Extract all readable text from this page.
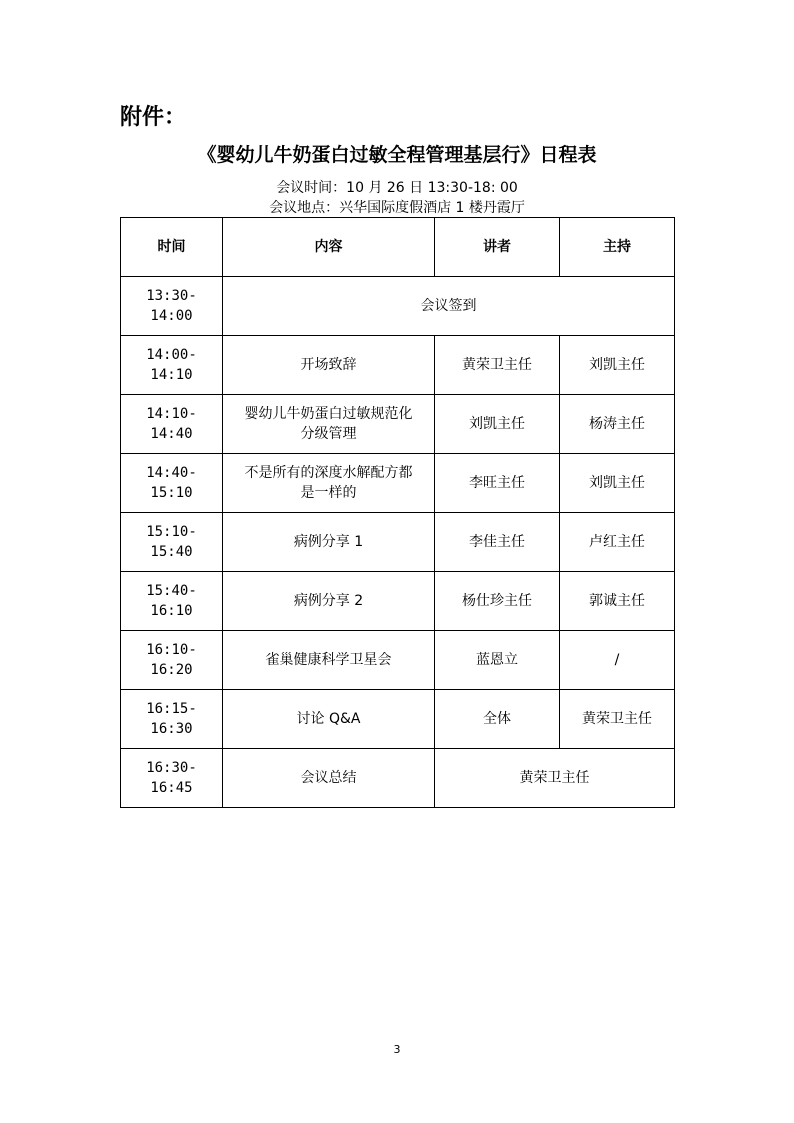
附件：
《婴幼儿牛奶蛋白过敏全程管理基层行》日程表
会议时间：10 月 26 日 13:30-18: 00
会议地点：兴华国际度假酒店 1 楼丹霞厅
时间	内容	讲者	主持
13:30-14:00	会议签到		
14:00-14:10	开场致辞	黄荣卫主任	刘凯主任
14:10-14:40	婴幼儿牛奶蛋白过敏规范化
分级管理	刘凯主任	杨涛主任
14:40-15:10	不是所有的深度水解配方都
是一样的	李旺主任	刘凯主任
15:10-15:40	病例分享 1	李佳主任	卢红主任
15:40-16:10	病例分享 2	杨仕珍主任	郭诚主任
16:10-16:20	雀巢健康科学卫星会	蓝恩立	/
16:15-16:30	讨论 Q&A	全体	黄荣卫主任
16:30-16:45	会议总结	黄荣卫主任	
3
